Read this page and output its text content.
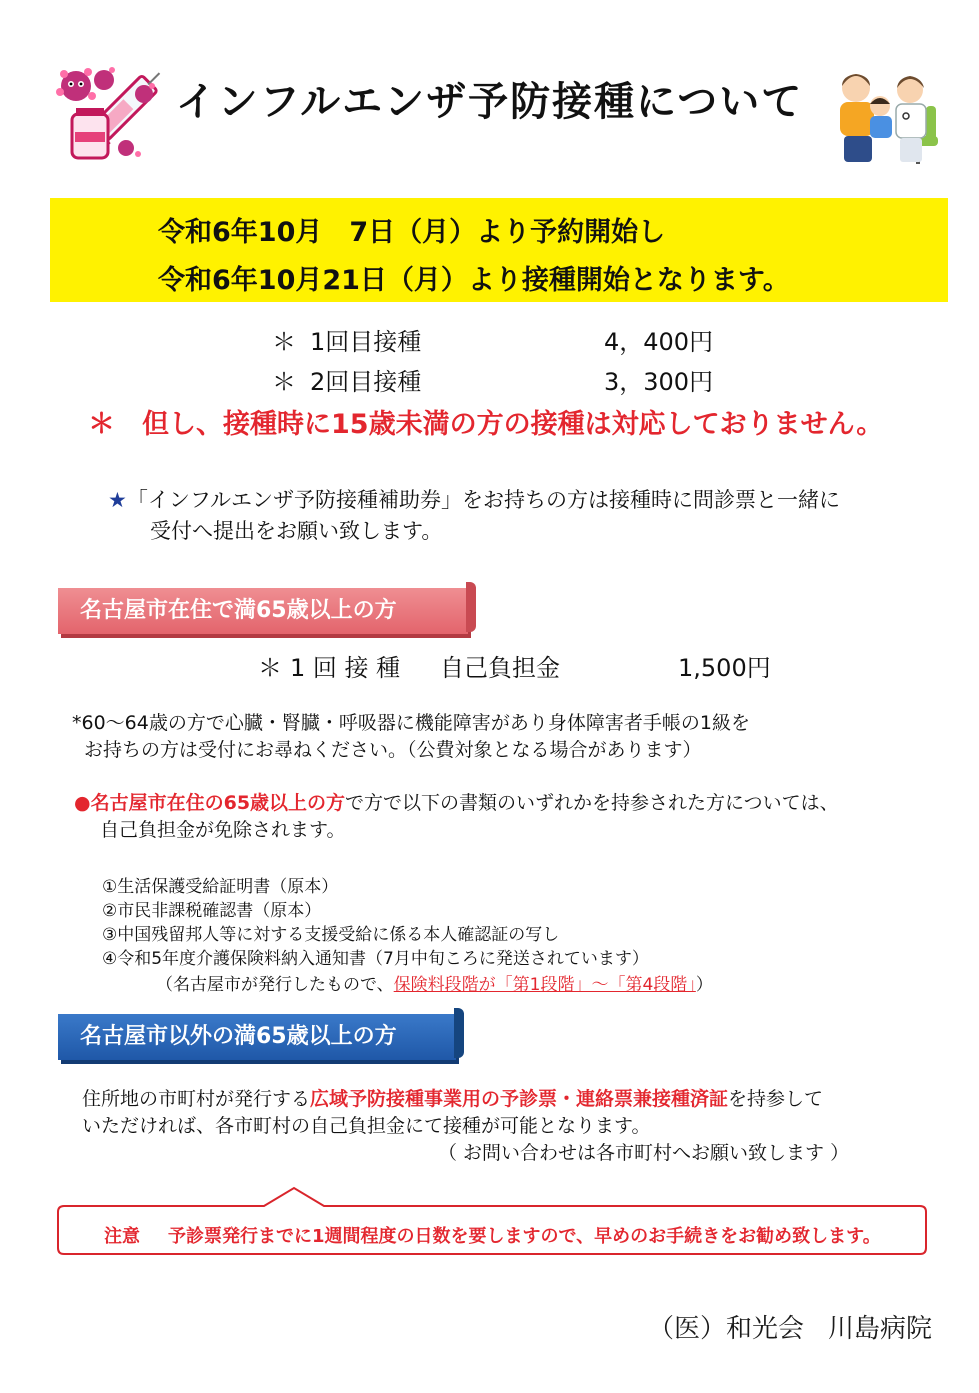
インフルエンザ予防接種について
令和6年10月　7日（月）より予約開始し
令和6年10月21日（月）より接種開始となります。
＊ 1回目接種	4，400円
＊ 2回目接種	3，300円
＊　但し、接種時に15歳未満の方の接種は対応しておりません。
★「インフルエンザ予防接種補助券」をお持ちの方は接種時に問診票と一緒に
受付へ提出をお願い致します。
名古屋市在住で満65歳以上の方
＊ 1 回 接 種 自己負担金	1,500円
*60～64歳の方で心臓・腎臓・呼吸器に機能障害があり身体障害者手帳の1級を
お持ちの方は受付にお尋ねください。（公費対象となる場合があります）
●名古屋市在住の65歳以上の方で方で以下の書類のいずれかを持参された方については、
自己負担金が免除されます。
①生活保護受給証明書（原本）
②市民非課税確認書（原本）
③中国残留邦人等に対する支援受給に係る本人確認証の写し
④令和5年度介護保険料納入通知書（7月中旬ころに発送されています）
（名古屋市が発行したもので、保険料段階が「第1段階」～「第4段階」）
名古屋市以外の満65歳以上の方
住所地の市町村が発行する広域予防接種事業用の予診票・連絡票兼接種済証を持参して
いただければ、各市町村の自己負担金にて接種が可能となります。
（ お問い合わせは各市町村へお願い致します ）
注意 予診票発行までに1週間程度の日数を要しますので、早めのお手続きをお勧め致します。
（医）和光会 川島病院
